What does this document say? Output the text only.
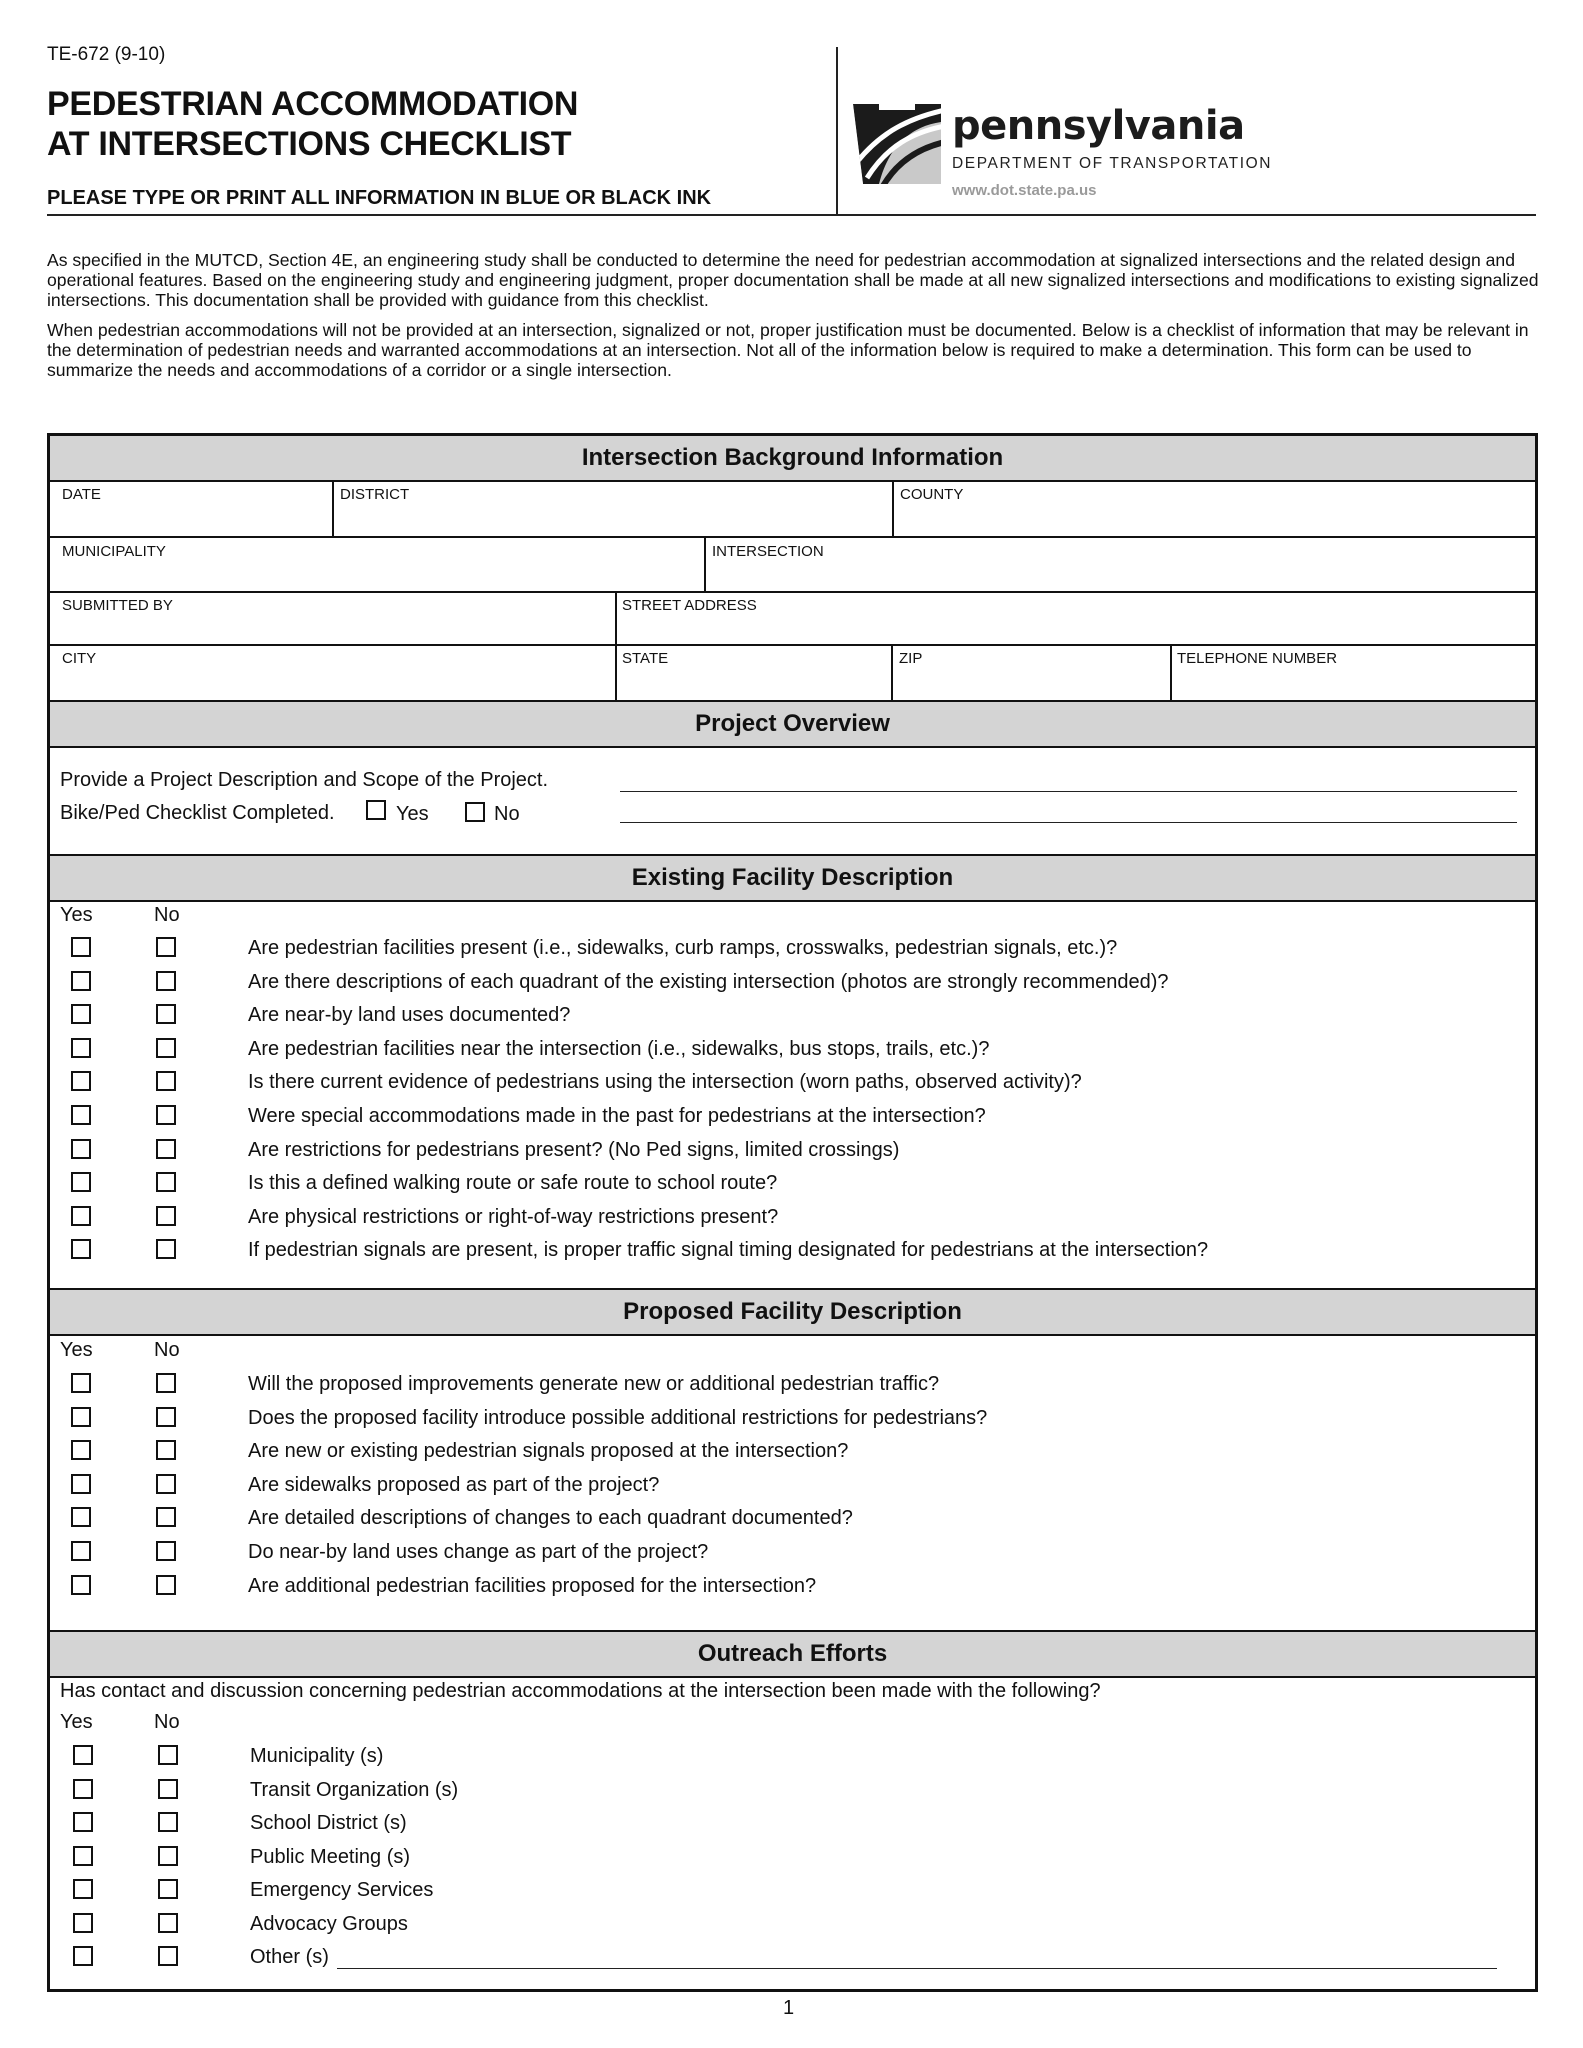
TE-672 (9-10)
PEDESTRIAN ACCOMMODATION
AT INTERSECTIONS CHECKLIST
PLEASE TYPE OR PRINT ALL INFORMATION IN BLUE OR BLACK INK
pennsylvania
DEPARTMENT OF TRANSPORTATION
www.dot.state.pa.us
As specified in the MUTCD, Section 4E, an engineering study shall be conducted to determine the need for pedestrian accommodation at signalized intersections and the related design and operational features. Based on the engineering study and engineering judgment, proper documentation shall be made at all new signalized intersections and modifications to existing signalized intersections. This documentation shall be provided with guidance from this checklist.
When pedestrian accommodations will not be provided at an intersection, signalized or not, proper justification must be documented. Below is a checklist of information that may be relevant in the determination of pedestrian needs and warranted accommodations at an intersection. Not all of the information below is required to make a determination. This form can be used to summarize the needs and accommodations of a corridor or a single intersection.
Intersection Background Information
DATE	DISTRICT	COUNTY
MUNICIPALITY	INTERSECTION
SUBMITTED BY	STREET ADDRESS
CITY	STATE	ZIP	TELEPHONE NUMBER
Project Overview
Provide a Project Description and Scope of the Project.
Bike/Ped Checklist Completed.	Yes	No
Existing Facility Description
Yes	No
Are pedestrian facilities present (i.e., sidewalks, curb ramps, crosswalks, pedestrian signals, etc.)?
Are there descriptions of each quadrant of the existing intersection (photos are strongly recommended)?
Are near-by land uses documented?
Are pedestrian facilities near the intersection (i.e., sidewalks, bus stops, trails, etc.)?
Is there current evidence of pedestrians using the intersection (worn paths, observed activity)?
Were special accommodations made in the past for pedestrians at the intersection?
Are restrictions for pedestrians present? (No Ped signs, limited crossings)
Is this a defined walking route or safe route to school route?
Are physical restrictions or right-of-way restrictions present?
If pedestrian signals are present, is proper traffic signal timing designated for pedestrians at the intersection?
Proposed Facility Description
Yes	No
Will the proposed improvements generate new or additional pedestrian traffic?
Does the proposed facility introduce possible additional restrictions for pedestrians?
Are new or existing pedestrian signals proposed at the intersection?
Are sidewalks proposed as part of the project?
Are detailed descriptions of changes to each quadrant documented?
Do near-by land uses change as part of the project?
Are additional pedestrian facilities proposed for the intersection?
Outreach Efforts
Has contact and discussion concerning pedestrian accommodations at the intersection been made with the following?
Yes	No
Municipality (s)
Transit Organization (s)
School District (s)
Public Meeting (s)
Emergency Services
Advocacy Groups
Other (s)
1
